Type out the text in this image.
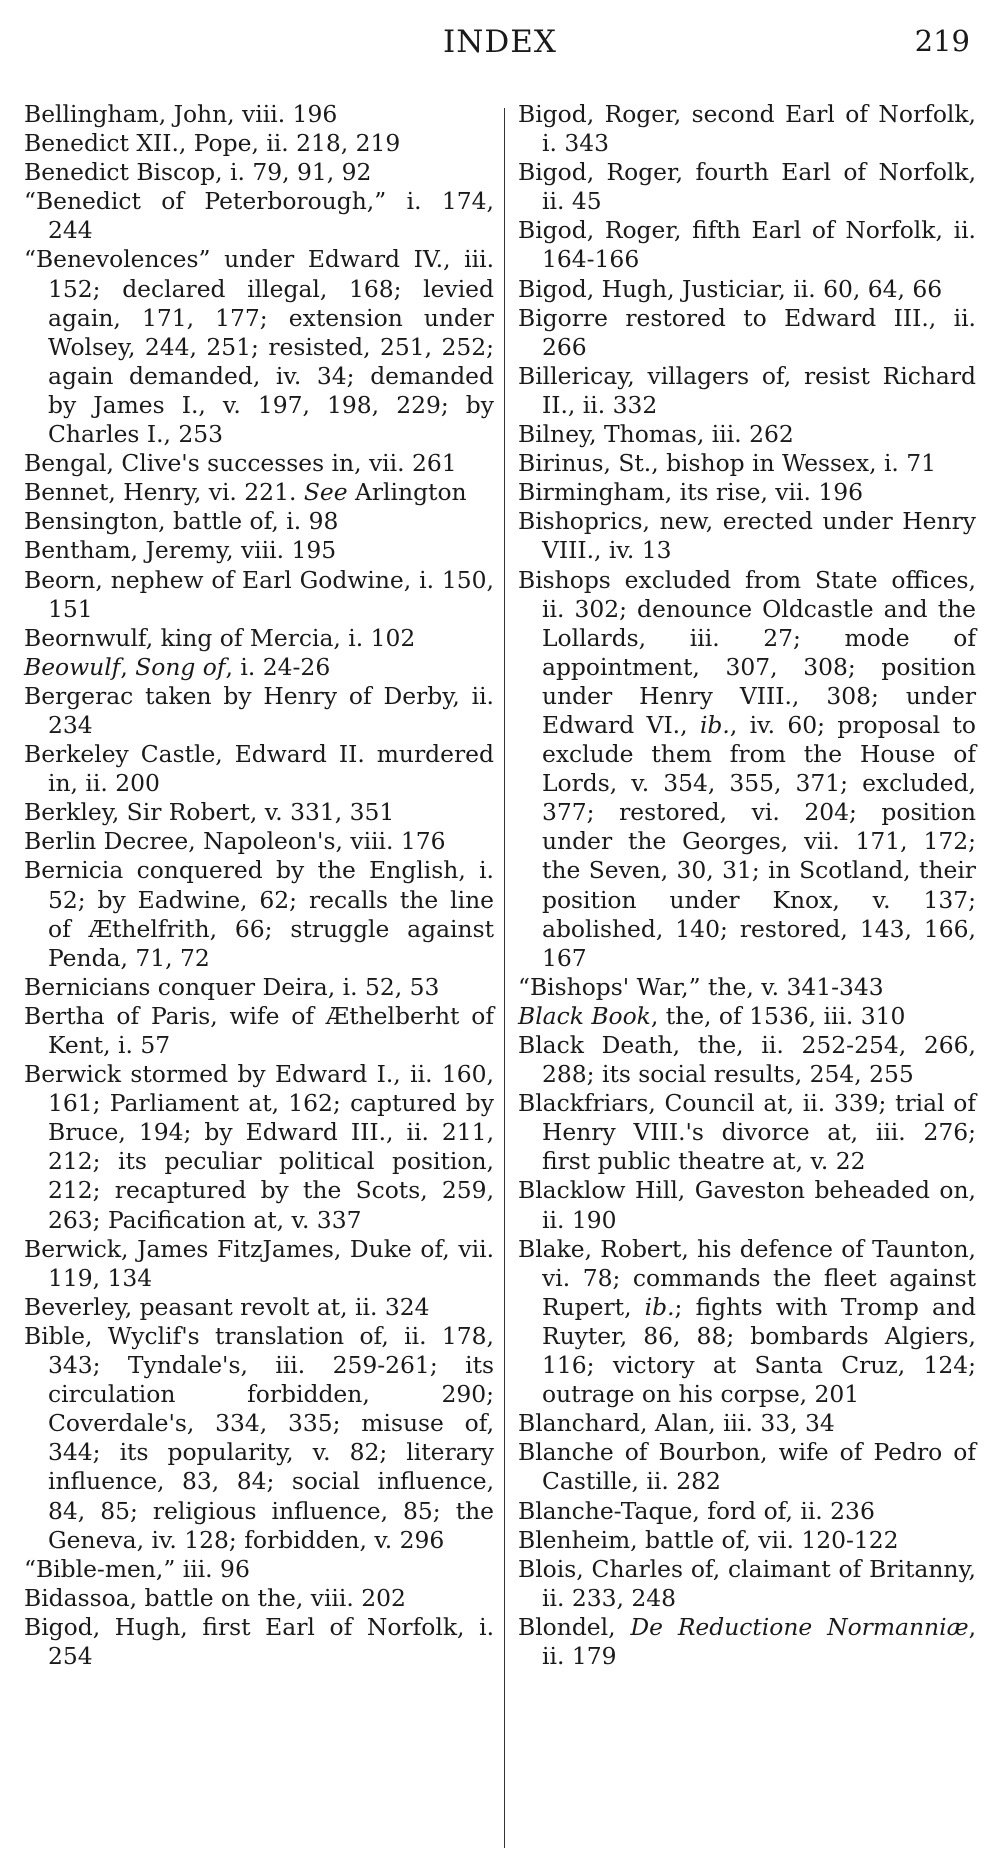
INDEX	219
Bellingham, John, viii. 196
Benedict XII., Pope, ii. 218, 219
Benedict Biscop, i. 79, 91, 92
“Benedict of Peterborough,” i. 174, 244
“Benevolences” under Edward IV., iii. 152; declared illegal, 168; levied again, 171, 177; extension under Wolsey, 244, 251; resisted, 251, 252; again demanded, iv. 34; demanded by James I., v. 197, 198, 229; by Charles I., 253
Bengal, Clive's successes in, vii. 261
Bennet, Henry, vi. 221. See Arlington
Bensington, battle of, i. 98
Bentham, Jeremy, viii. 195
Beorn, nephew of Earl Godwine, i. 150, 151
Beornwulf, king of Mercia, i. 102
Beowulf, Song of, i. 24-26
Bergerac taken by Henry of Derby, ii. 234
Berkeley Castle, Edward II. murdered in, ii. 200
Berkley, Sir Robert, v. 331, 351
Berlin Decree, Napoleon's, viii. 176
Bernicia conquered by the English, i. 52; by Eadwine, 62; recalls the line of Æthelfrith, 66; struggle against Penda, 71, 72
Bernicians conquer Deira, i. 52, 53
Bertha of Paris, wife of Æthelberht of Kent, i. 57
Berwick stormed by Edward I., ii. 160, 161; Parliament at, 162; captured by Bruce, 194; by Edward III., ii. 211, 212; its peculiar political position, 212; recaptured by the Scots, 259, 263; Pacification at, v. 337
Berwick, James FitzJames, Duke of, vii. 119, 134
Beverley, peasant revolt at, ii. 324
Bible, Wyclif's translation of, ii. 178, 343; Tyndale's, iii. 259-261; its circulation forbidden, 290; Coverdale's, 334, 335; misuse of, 344; its popularity, v. 82; literary influence, 83, 84; social influence, 84, 85; religious influence, 85; the Geneva, iv. 128; forbidden, v. 296
“Bible-men,” iii. 96
Bidassoa, battle on the, viii. 202
Bigod, Hugh, first Earl of Norfolk, i. 254
Bigod, Roger, second Earl of Norfolk, i. 343
Bigod, Roger, fourth Earl of Norfolk, ii. 45
Bigod, Roger, fifth Earl of Norfolk, ii. 164-166
Bigod, Hugh, Justiciar, ii. 60, 64, 66
Bigorre restored to Edward III., ii. 266
Billericay, villagers of, resist Richard II., ii. 332
Bilney, Thomas, iii. 262
Birinus, St., bishop in Wessex, i. 71
Birmingham, its rise, vii. 196
Bishoprics, new, erected under Henry VIII., iv. 13
Bishops excluded from State offices, ii. 302; denounce Oldcastle and the Lollards, iii. 27; mode of appointment, 307, 308; position under Henry VIII., 308; under Edward VI., ib., iv. 60; proposal to exclude them from the House of Lords, v. 354, 355, 371; excluded, 377; restored, vi. 204; position under the Georges, vii. 171, 172; the Seven, 30, 31; in Scotland, their position under Knox, v. 137; abolished, 140; restored, 143, 166, 167
“Bishops' War,” the, v. 341-343
Black Book, the, of 1536, iii. 310
Black Death, the, ii. 252-254, 266, 288; its social results, 254, 255
Blackfriars, Council at, ii. 339; trial of Henry VIII.'s divorce at, iii. 276; first public theatre at, v. 22
Blacklow Hill, Gaveston beheaded on, ii. 190
Blake, Robert, his defence of Taunton, vi. 78; commands the fleet against Rupert, ib.; fights with Tromp and Ruyter, 86, 88; bombards Algiers, 116; victory at Santa Cruz, 124; outrage on his corpse, 201
Blanchard, Alan, iii. 33, 34
Blanche of Bourbon, wife of Pedro of Castille, ii. 282
Blanche-Taque, ford of, ii. 236
Blenheim, battle of, vii. 120-122
Blois, Charles of, claimant of Britanny, ii. 233, 248
Blondel, De Reductione Normanniæ, ii. 179
